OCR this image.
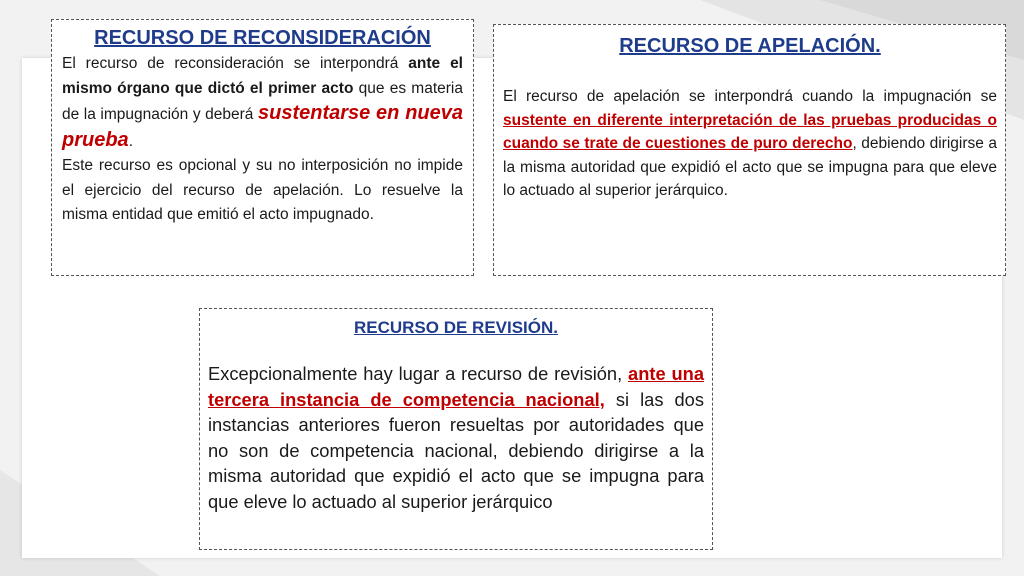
RECURSO DE RECONSIDERACIÓN

El recurso de reconsideración se interpondrá ante el mismo órgano que dictó el primer acto que es materia de la impugnación y deberá sustentarse en nueva prueba.

Este recurso es opcional y su no interposición no impide el ejercicio del recurso de apelación. Lo resuelve la misma entidad que emitió el acto impugnado.

RECURSO DE APELACIÓN.

El recurso de apelación se interpondrá cuando la impugnación se sustente en diferente interpretación de las pruebas producidas o cuando se trate de cuestiones de puro derecho, debiendo dirigirse a la misma autoridad que expidió el acto que se impugna para que eleve lo actuado al superior jerárquico.

RECURSO DE REVISIÓN.

Excepcionalmente hay lugar a recurso de revisión, ante una tercera instancia de competencia nacional, si las dos instancias anteriores fueron resueltas por autoridades que no son de competencia nacional, debiendo dirigirse a la misma autoridad que expidió el acto que se impugna para que eleve lo actuado al superior jerárquico
